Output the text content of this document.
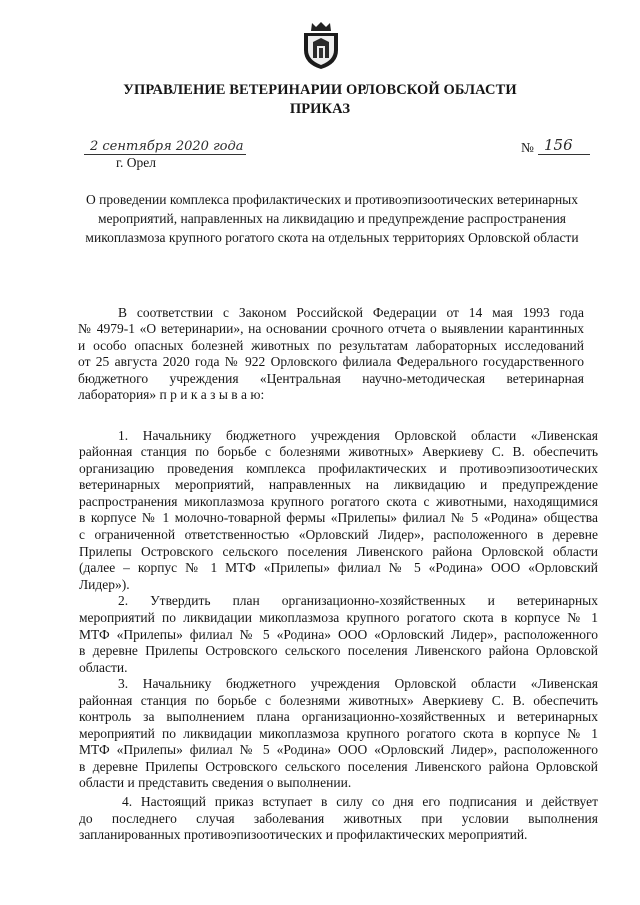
УПРАВЛЕНИЕ ВЕТЕРИНАРИИ ОРЛОВСКОЙ ОБЛАСТИ
ПРИКАЗ
2 сентября 2020 года
г. Орел
№ 156
О проведении комплекса профилактических и противоэпизоотических ветеринарных мероприятий, направленных на ликвидацию и предупреждение распространения микоплазмоза крупного рогатого скота на отдельных территориях Орловской области
В соответствии с Законом Российской Федерации от 14 мая 1993 года
№ 4979-1 «О ветеринарии», на основании срочного отчета о выявлении карантинных
и особо опасных болезней животных по результатам лабораторных исследований
от 25 августа 2020 года № 922 Орловского филиала Федерального государственного
бюджетного учреждения «Центральная научно-методическая ветеринарная
лаборатория» п р и к а з ы в а ю:
1. Начальнику бюджетного учреждения Орловской области «Ливенская
районная станция по борьбе с болезнями животных» Аверкиеву С. В. обеспечить
организацию проведения комплекса профилактических и противоэпизоотических
ветеринарных мероприятий, направленных на ликвидацию и предупреждение
распространения микоплазмоза крупного рогатого скота с животными, находящимися
в корпусе № 1 молочно-товарной фермы «Прилепы» филиал № 5 «Родина» общества
с ограниченной ответственностью «Орловский Лидер», расположенного в деревне
Прилепы Островского сельского поселения Ливенского района Орловской области
(далее – корпус № 1 МТФ «Прилепы» филиал № 5 «Родина» ООО «Орловский
Лидер»).
2. Утвердить план организационно-хозяйственных и ветеринарных
мероприятий по ликвидации микоплазмоза крупного рогатого скота в корпусе № 1
МТФ «Прилепы» филиал № 5 «Родина» ООО «Орловский Лидер», расположенного
в деревне Прилепы Островского сельского поселения Ливенского района Орловской
области.
3. Начальнику бюджетного учреждения Орловской области «Ливенская
районная станция по борьбе с болезнями животных» Аверкиеву С. В. обеспечить
контроль за выполнением плана организационно-хозяйственных и ветеринарных
мероприятий по ликвидации микоплазмоза крупного рогатого скота в корпусе № 1
МТФ «Прилепы» филиал № 5 «Родина» ООО «Орловский Лидер», расположенного
в деревне Прилепы Островского сельского поселения Ливенского района Орловской
области и представить сведения о выполнении.
4. Настоящий приказ вступает в силу со дня его подписания и действует
до последнего случая заболевания животных при условии выполнения
запланированных противоэпизоотических и профилактических мероприятий.
